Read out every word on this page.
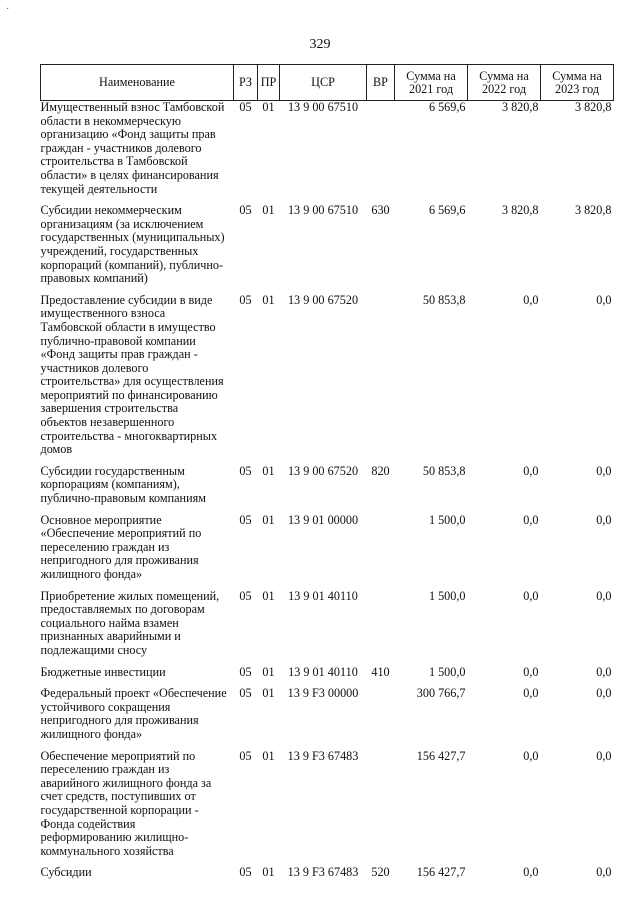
·
329
Наименование	РЗ	ПР	ЦСР	ВР	Сумма на 2021 год	Сумма на 2022 год	Сумма на 2023 год
Имущественный взнос Тамбовской области в некоммерческую организацию «Фонд защиты прав граждан - участников долевого строительства в Тамбовской области» в целях финансирования текущей деятельности	05	01	13 9 00 67510		6 569,6	3 820,8	3 820,8
Субсидии некоммерческим организациям (за исключением государственных (муниципальных) учреждений, государственных корпораций (компаний), публично-правовых компаний)	05	01	13 9 00 67510	630	6 569,6	3 820,8	3 820,8
Предоставление субсидии в виде имущественного взноса Тамбовской области в имущество публично-правовой компании «Фонд защиты прав граждан - участников долевого строительства» для осуществления мероприятий по финансированию завершения строительства объектов незавершенного строительства - многоквартирных домов	05	01	13 9 00 67520		50 853,8	0,0	0,0
Субсидии государственным корпорациям (компаниям), публично-правовым компаниям	05	01	13 9 00 67520	820	50 853,8	0,0	0,0
Основное мероприятие «Обеспечение мероприятий по переселению граждан из непригодного для проживания жилищного фонда»	05	01	13 9 01 00000		1 500,0	0,0	0,0
Приобретение жилых помещений, предоставляемых по договорам социального найма взамен признанных аварийными и подлежащими сносу	05	01	13 9 01 40110		1 500,0	0,0	0,0
Бюджетные инвестиции	05	01	13 9 01 40110	410	1 500,0	0,0	0,0
Федеральный проект «Обеспечение устойчивого сокращения непригодного для проживания жилищного фонда»	05	01	13 9 F3 00000		300 766,7	0,0	0,0
Обеспечение мероприятий по переселению граждан из аварийного жилищного фонда за счет средств, поступивших от государственной корпорации - Фонда содействия реформированию жилищно-коммунального хозяйства	05	01	13 9 F3 67483		156 427,7	0,0	0,0
Субсидии	05	01	13 9 F3 67483	520	156 427,7	0,0	0,0
